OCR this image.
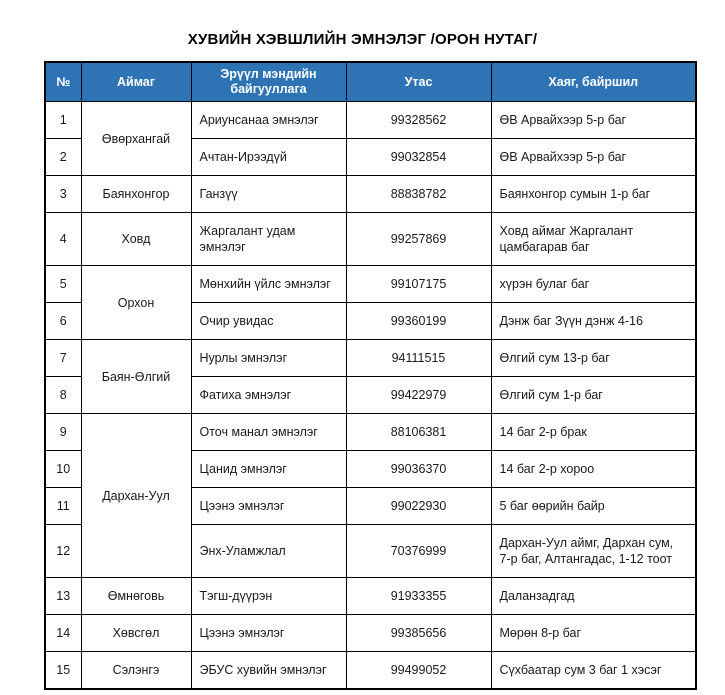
ХУВИЙН ХЭВШЛИЙН ЭМНЭЛЭГ /ОРОН НУТАГ/
№	Аймаг	Эрүүл мэндийн байгууллага	Утас	Хаяг, байршил
1	Өвөрхангай	Ариунсанаа эмнэлэг	99328562	ӨВ Арвайхээр 5-р баг
2		Ачтан-Ирээдүй	99032854	ӨВ Арвайхээр 5-р баг
3	Баянхонгор	Ганзүү	88838782	Баянхонгор сумын 1-р баг
4	Ховд	Жаргалант удам эмнэлэг	99257869	Ховд аймаг Жаргалант цамбагарав баг
5	Орхон	Мөнхийн үйлс эмнэлэг	99107175	хүрэн булаг баг
6		Очир увидас	99360199	Дэнж баг Зүүн дэнж 4-16
7	Баян-Өлгий	Нурлы эмнэлэг	94111515	Өлгий сум 13-р баг
8		Фатиха эмнэлэг	99422979	Өлгий сум 1-р баг
9	Дархан-Уул	Оточ манал эмнэлэг	88106381	14 баг 2-р брак
10		Цанид эмнэлэг	99036370	14 баг 2-р хороо
11		Цээнэ эмнэлэг	99022930	5 баг өөрийн байр
12		Энх-Уламжлал	70376999	Дархан-Уул аймг, Дархан сум, 7-р баг, Алтангадас, 1-12 тоот
13	Өмнөговь	Тэгш-дүүрэн	91933355	Даланзадгад
14	Хөвсгөл	Цээнэ эмнэлэг	99385656	Мөрөн 8-р баг
15	Сэлэнгэ	ЭБУС хувийн эмнэлэг	99499052	Сүхбаатар сум 3 баг 1 хэсэг
